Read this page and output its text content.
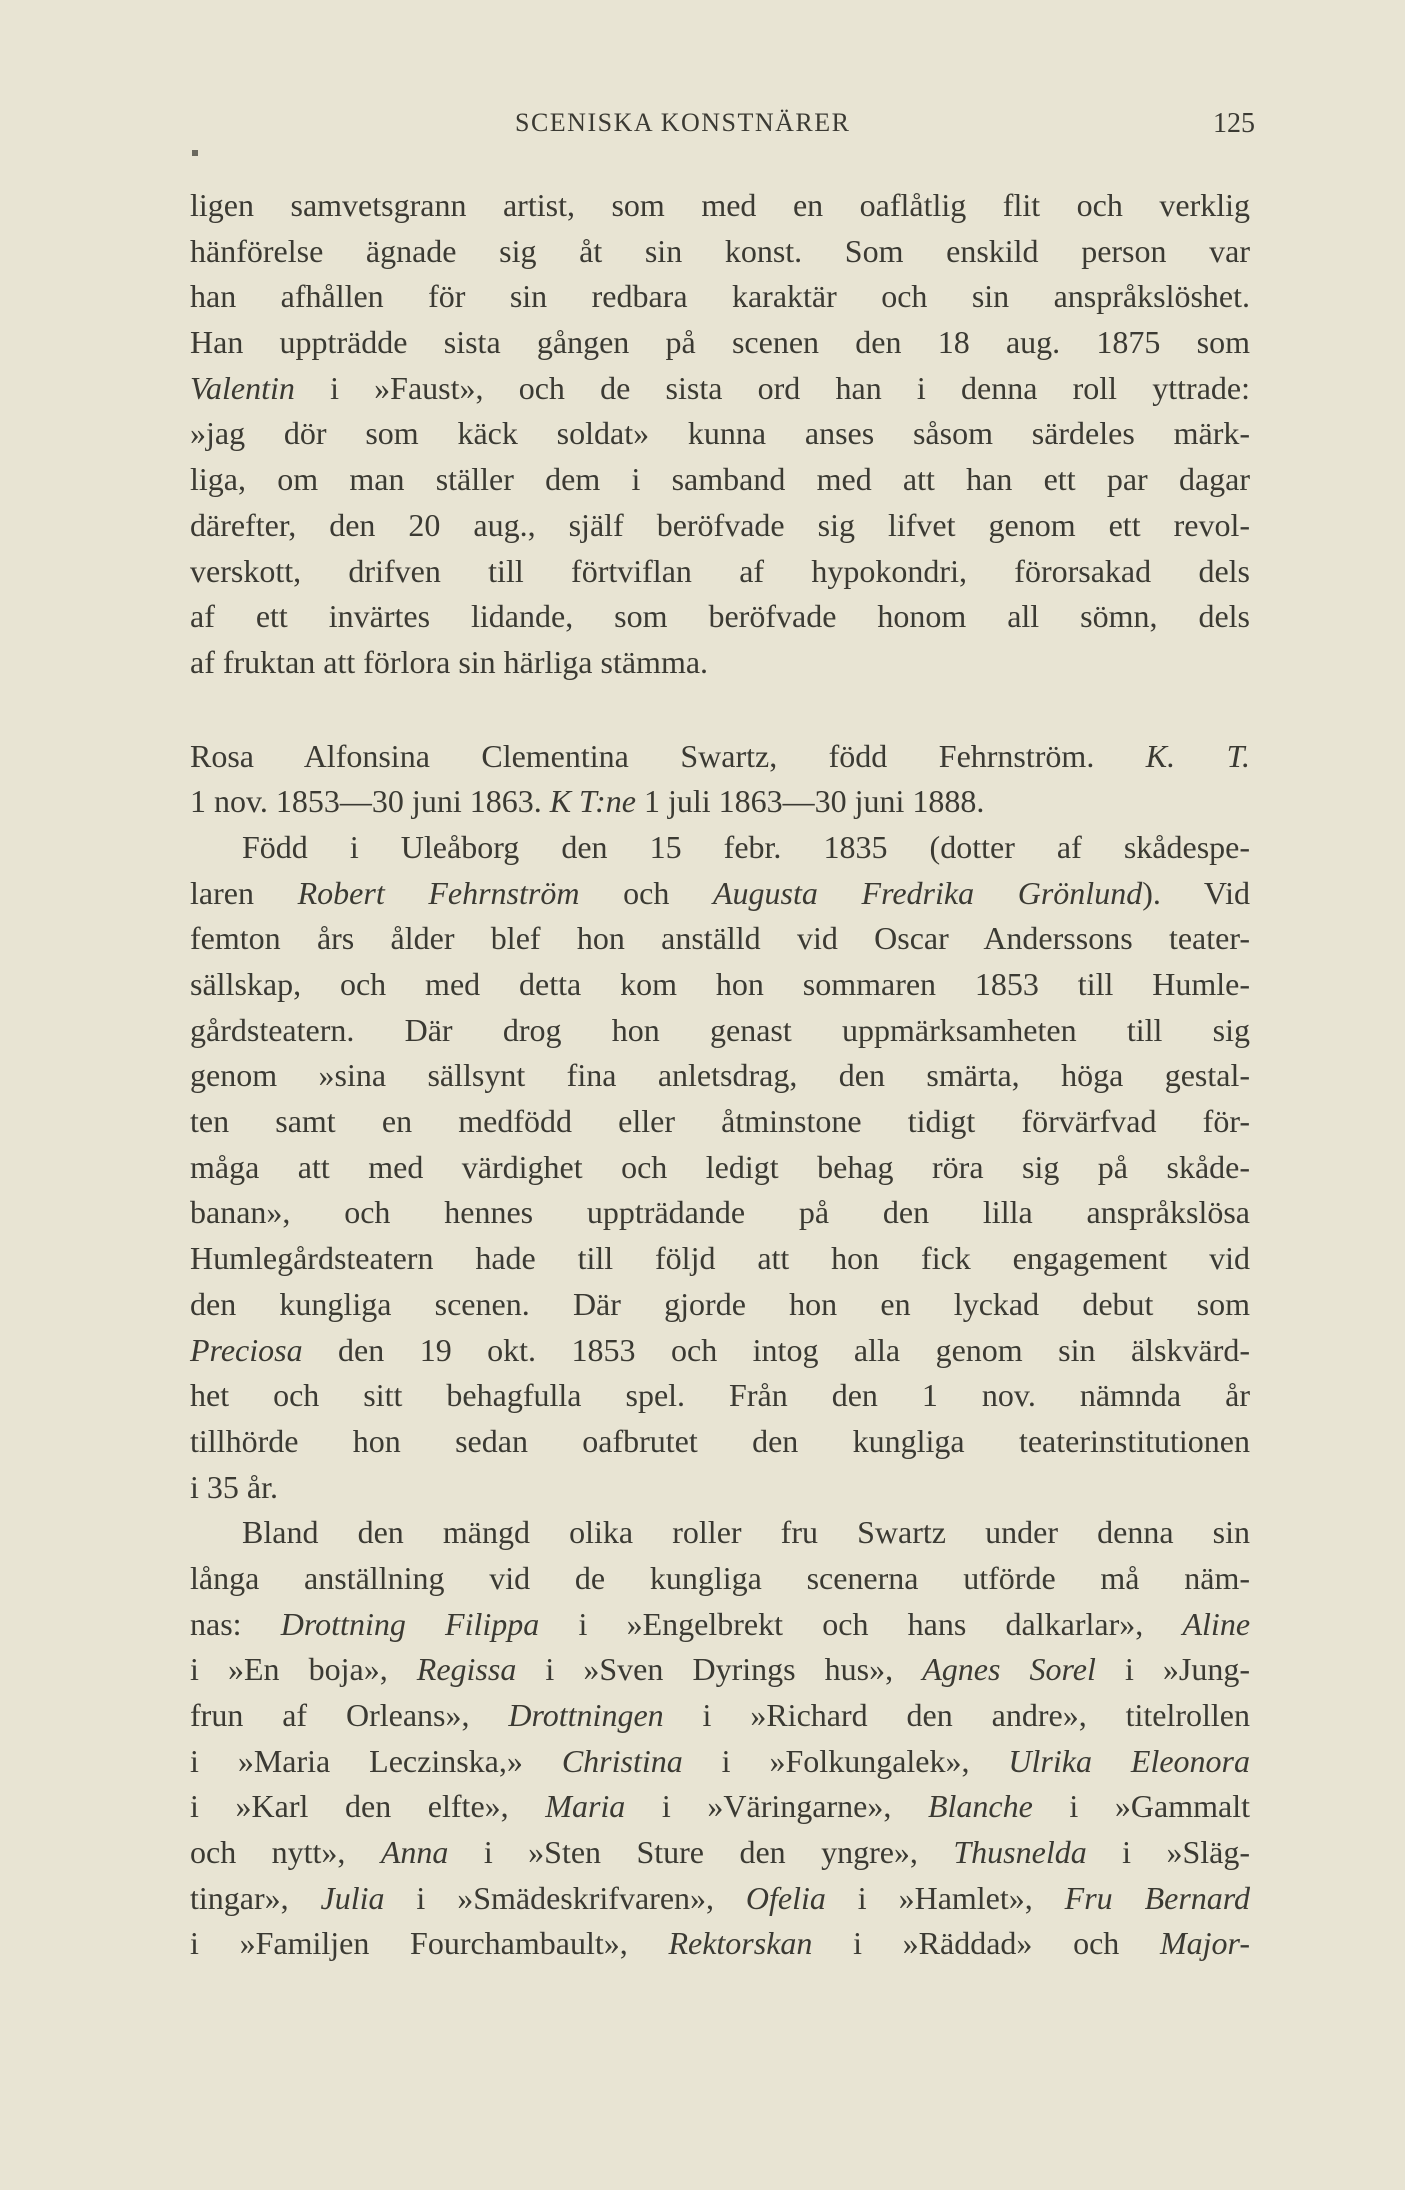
SCENISKA KONSTNÄRER	125
ligen samvetsgrann artist, som med en oaflåtlig flit och verklig
hänförelse ägnade sig åt sin konst. Som enskild person var
han afhållen för sin redbara karaktär och sin anspråkslöshet.
Han uppträdde sista gången på scenen den 18 aug. 1875 som
Valentin i »Faust», och de sista ord han i denna roll yttrade:
»jag dör som käck soldat» kunna anses såsom särdeles märk-
liga, om man ställer dem i samband med att han ett par dagar
därefter, den 20 aug., själf beröfvade sig lifvet genom ett revol-
verskott, drifven till förtviflan af hypokondri, förorsakad dels
af ett invärtes lidande, som beröfvade honom all sömn, dels
af fruktan att förlora sin härliga stämma.
Rosa Alfonsina Clementina Swartz, född Fehrnström. K. T.
1 nov. 1853—30 juni 1863. K T:ne 1 juli 1863—30 juni 1888.
Född i Uleåborg den 15 febr. 1835 (dotter af skådespe-
laren Robert Fehrnström och Augusta Fredrika Grönlund). Vid
femton års ålder blef hon anställd vid Oscar Anderssons teater-
sällskap, och med detta kom hon sommaren 1853 till Humle-
gårdsteatern. Där drog hon genast uppmärksamheten till sig
genom »sina sällsynt fina anletsdrag, den smärta, höga gestal-
ten samt en medfödd eller åtminstone tidigt förvärfvad för-
måga att med värdighet och ledigt behag röra sig på skåde-
banan», och hennes uppträdande på den lilla anspråkslösa
Humlegårdsteatern hade till följd att hon fick engagement vid
den kungliga scenen. Där gjorde hon en lyckad debut som
Preciosa den 19 okt. 1853 och intog alla genom sin älskvärd-
het och sitt behagfulla spel. Från den 1 nov. nämnda år
tillhörde hon sedan oafbrutet den kungliga teaterinstitutionen
i 35 år.
Bland den mängd olika roller fru Swartz under denna sin
långa anställning vid de kungliga scenerna utförde må näm-
nas: Drottning Filippa i »Engelbrekt och hans dalkarlar», Aline
i »En boja», Regissa i »Sven Dyrings hus», Agnes Sorel i »Jung-
frun af Orleans», Drottningen i »Richard den andre», titelrollen
i »Maria Leczinska,» Christina i »Folkungalek», Ulrika Eleonora
i »Karl den elfte», Maria i »Väringarne», Blanche i »Gammalt
och nytt», Anna i »Sten Sture den yngre», Thusnelda i »Släg-
tingar», Julia i »Smädeskrifvaren», Ofelia i »Hamlet», Fru Bernard
i »Familjen Fourchambault», Rektorskan i »Räddad» och Major-
